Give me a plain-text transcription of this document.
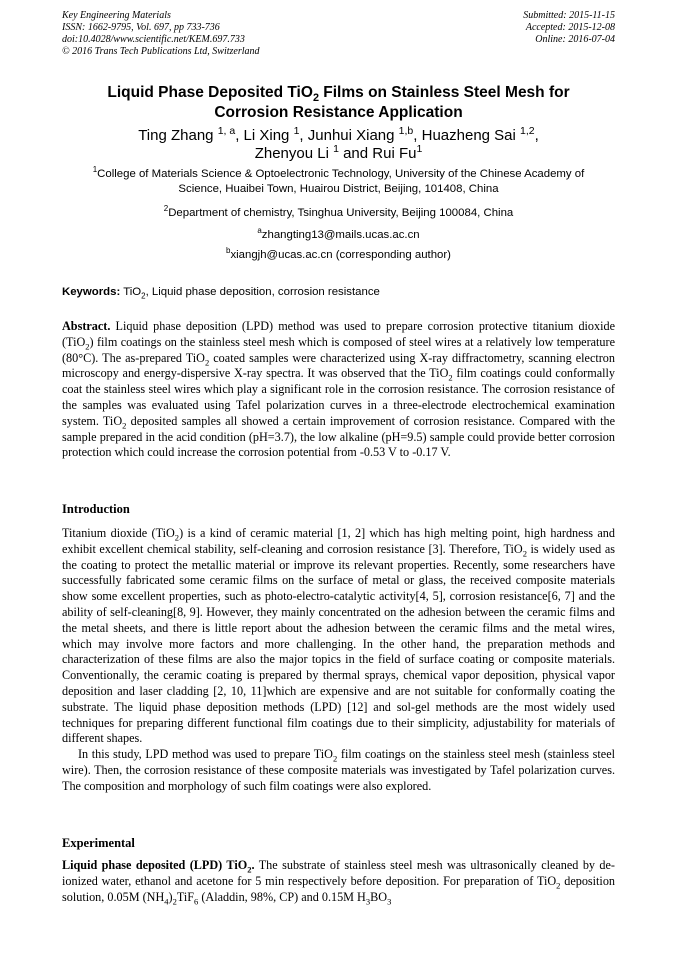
Key Engineering Materials
ISSN: 1662-9795, Vol. 697, pp 733-736
doi:10.4028/www.scientific.net/KEM.697.733
© 2016 Trans Tech Publications Ltd, Switzerland
Submitted: 2015-11-15
Accepted: 2015-12-08
Online: 2016-07-04
Liquid Phase Deposited TiO$_2$ Films on Stainless Steel Mesh for
Corrosion Resistance Application
Ting Zhang $^{1, a}$, Li Xing $^1$, Junhui Xiang $^{1,b}$, Huazheng Sai $^{1,2}$,
Zhenyou Li $^1$ and Rui Fu$^1$
$^1$College of Materials Science & Optoelectronic Technology, University of the Chinese Academy of
Science, Huaibei Town, Huairou District, Beijing, 101408, China
$^2$Department of chemistry, Tsinghua University, Beijing 100084, China
$^a$zhangting13@mails.ucas.ac.cn
$^b$xiangjh@ucas.ac.cn (corresponding author)
Keywords: TiO$_2$, Liquid phase deposition, corrosion resistance

Abstract. Liquid phase deposition (LPD) method was used to prepare corrosion protective titanium dioxide (TiO$_2$) film coatings on the stainless steel mesh which is composed of steel wires at a relatively low temperature (80°C). The as-prepared TiO$_2$ coated samples were characterized using X-ray diffractometry, scanning electron microscopy and energy-dispersive X-ray spectra. It was observed that the TiO$_2$ film coatings could conformally coat the stainless steel wires which play a significant role in the corrosion resistance. The corrosion resistance of the samples was evaluated using Tafel polarization curves in a three-electrode electrochemical examination system. TiO$_2$ deposited samples all showed a certain improvement of corrosion resistance. Compared with the sample prepared in the acid condition (pH=3.7), the low alkaline (pH=9.5) sample could provide better corrosion protection which could increase the corrosion potential from -0.53 V to -0.17 V.

Introduction

Titanium dioxide (TiO$_2$) is a kind of ceramic material [1, 2] which has high melting point, high hardness and exhibit excellent chemical stability, self-cleaning and corrosion resistance [3]. Therefore, TiO$_2$ is widely used as the coating to protect the metallic material or improve its relevant properties. Recently, some researchers have successfully fabricated some ceramic films on the surface of metal or glass, the received composite materials show some excellent properties, such as photo-electro-catalytic activity[4, 5], corrosion resistance[6, 7] and the ability of self-cleaning[8, 9]. However, they mainly concentrated on the adhesion between the ceramic films and the metal sheets, and there is little report about the adhesion between the ceramic films and the metal wires, which may involve more factors and more challenging. In the other hand, the preparation methods and characterization of these films are also the major topics in the field of surface coating or composite materials. Conventionally, the ceramic coating is prepared by thermal sprays, chemical vapor deposition, physical vapor deposition and laser cladding [2, 10, 11]which are expensive and are not suitable for conformally coating the substrate. The liquid phase deposition methods (LPD) [12] and sol-gel methods are the most widely used techniques for preparing different functional film coatings due to their simplicity, adjustability for materials of different shapes.

In this study, LPD method was used to prepare TiO$_2$ film coatings on the stainless steel mesh (stainless steel wire). Then, the corrosion resistance of these composite materials was investigated by Tafel polarization curves. The composition and morphology of such film coatings were also explored.

Experimental

Liquid phase deposited (LPD) TiO$_2$. The substrate of stainless steel mesh was ultrasonically cleaned by de-ionized water, ethanol and acetone for 5 min respectively before deposition. For preparation of TiO$_2$ deposition solution, 0.05M $(NH_4)_2TiF_6$ (Aladdin, 98%, CP) and 0.15M $H_3BO_3$
